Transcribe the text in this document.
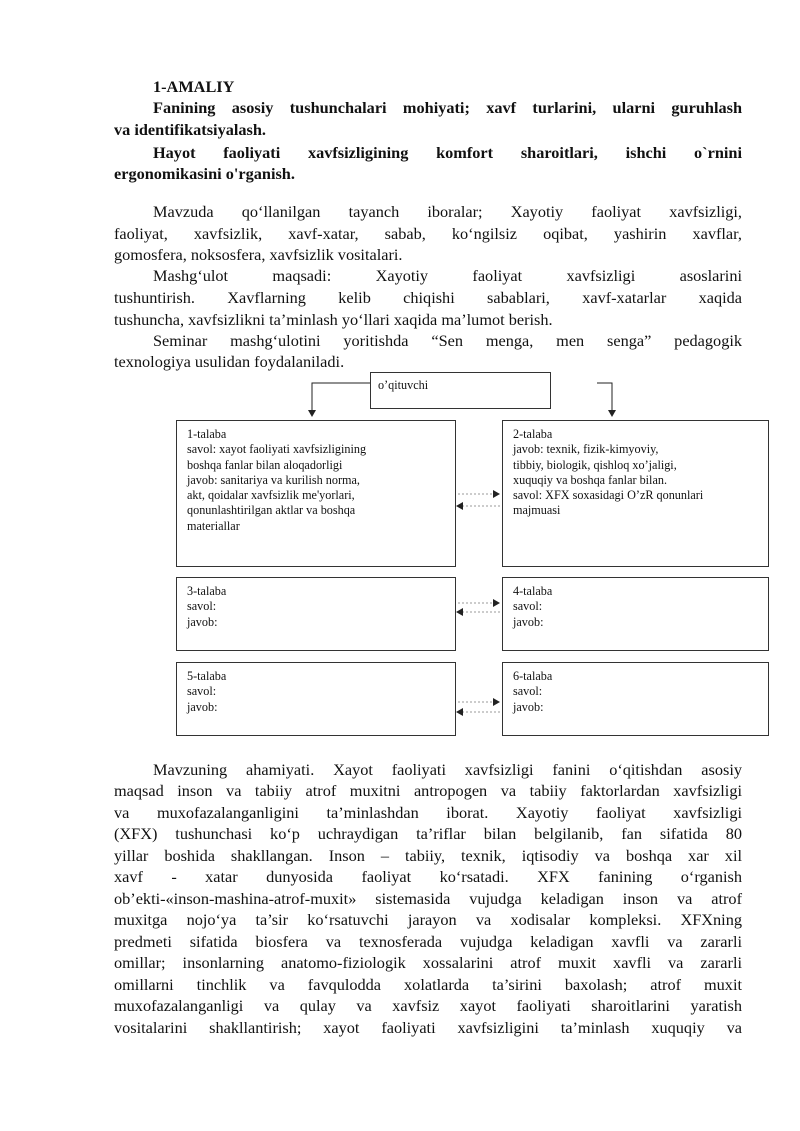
1-AMALIY
Fanining asosiy tushunchalari mohiyati; xavf turlarini, ularni guruhlash
va identifikatsiyalash.
Hayot faoliyati xavfsizligining komfort sharoitlari, ishchi o`rnini
ergonomikasini o'rganish.
Mavzuda qo‘llanilgan tayanch iboralar; Xayotiy faoliyat xavfsizligi,
faoliyat, xavfsizlik, xavf-xatar, sabab, ko‘ngilsiz oqibat, yashirin xavflar,
gomosfera, noksosfera, xavfsizlik vositalari.
Mashg‘ulot maqsadi: Xayotiy faoliyat xavfsizligi asoslarini
tushuntirish. Xavflarning kelib chiqishi sabablari, xavf-xatarlar xaqida
tushuncha, xavfsizlikni ta’minlash yo‘llari xaqida ma’lumot berish.
Seminar mashg‘ulotini yoritishda “Sen menga, men senga” pedagogik
texnologiya usulidan foydalaniladi.
o’qituvchi
1-talaba
savol: xayot faoliyati xavfsizligining
boshqa fanlar bilan aloqadorligi
javob: sanitariya va kurilish norma,
akt, qoidalar xavfsizlik me'yorlari,
qonunlashtirilgan aktlar va boshqa
materiallar
2-talaba
javob: texnik, fizik-kimyoviy,
tibbiy, biologik, qishloq xo’jaligi,
xuquqiy va boshqa fanlar bilan.
savol: XFX soxasidagi O’zR qonunlari
majmuasi
3-talaba
savol:
javob:
4-talaba
savol:
javob:
5-talaba
savol:
javob:
6-talaba
savol:
javob:
Mavzuning ahamiyati. Xayot faoliyati xavfsizligi fanini o‘qitishdan asosiy
maqsad inson va tabiiy atrof muxitni antropogen va tabiiy faktorlardan xavfsizligi
va muxofazalanganligini ta’minlashdan iborat. Xayotiy faoliyat xavfsizligi
(XFX) tushunchasi ko‘p uchraydigan ta’riflar bilan belgilanib, fan sifatida 80
yillar boshida shakllangan. Inson – tabiiy, texnik, iqtisodiy va boshqa xar xil
xavf - xatar dunyosida faoliyat ko‘rsatadi. XFX fanining o‘rganish
ob’ekti-«inson-mashina-atrof-muxit» sistemasida vujudga keladigan inson va atrof
muxitga nojo‘ya ta’sir ko‘rsatuvchi jarayon va xodisalar kompleksi. XFXning
predmeti sifatida biosfera va texnosferada vujudga keladigan xavfli va zararli
omillar; insonlarning anatomo-fiziologik xossalarini atrof muxit xavfli va zararli
omillarni tinchlik va favqulodda xolatlarda ta’sirini baxolash; atrof muxit
muxofazalanganligi va qulay va xavfsiz xayot faoliyati sharoitlarini yaratish
vositalarini shakllantirish; xayot faoliyati xavfsizligini ta’minlash xuquqiy va
